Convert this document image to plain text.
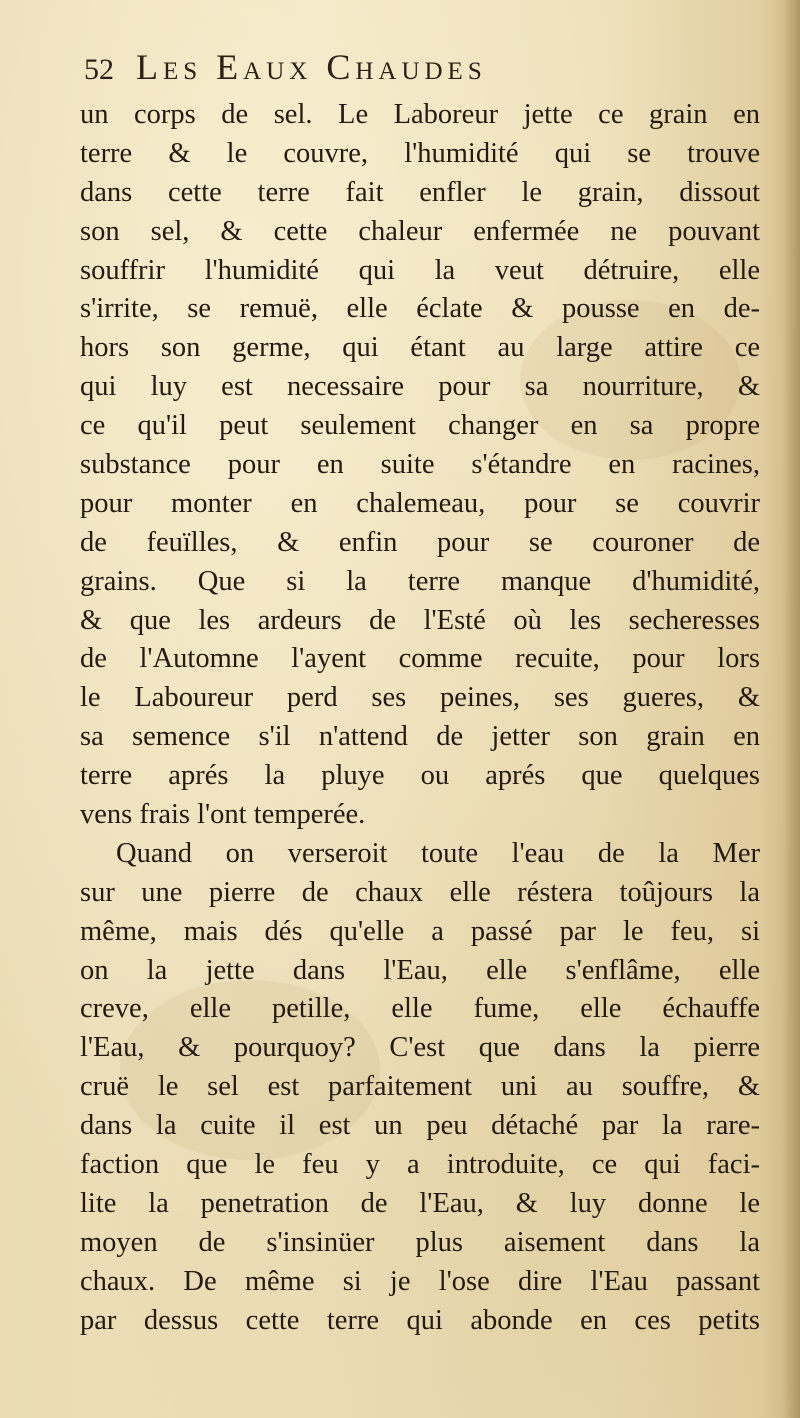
52 Les Eaux Chaudes
un corps de sel. Le Laboreur jette ce grain en
terre & le couvre, l'humidité qui se trouve
dans cette terre fait enfler le grain, dissout
son sel, & cette chaleur enfermée ne pouvant
souffrir l'humidité qui la veut détruire, elle
s'irrite, se remuë, elle éclate & pousse en de-
hors son germe, qui étant au large attire ce
qui luy est necessaire pour sa nourriture, &
ce qu'il peut seulement changer en sa propre
substance pour en suite s'étandre en racines,
pour monter en chalemeau, pour se couvrir
de feuïlles, & enfin pour se couroner de
grains. Que si la terre manque d'humidité,
& que les ardeurs de l'Esté où les secheresses
de l'Automne l'ayent comme recuite, pour lors
le Laboureur perd ses peines, ses gueres, &
sa semence s'il n'attend de jetter son grain en
terre aprés la pluye ou aprés que quelques
vens frais l'ont temperée.
Quand on verseroit toute l'eau de la Mer
sur une pierre de chaux elle réstera toûjours la
même, mais dés qu'elle a passé par le feu, si
on la jette dans l'Eau, elle s'enflâme, elle
creve, elle petille, elle fume, elle échauffe
l'Eau, & pourquoy? C'est que dans la pierre
cruë le sel est parfaitement uni au souffre, &
dans la cuite il est un peu détaché par la rare-
faction que le feu y a introduite, ce qui faci-
lite la penetration de l'Eau, & luy donne le
moyen de s'insinüer plus aisement dans la
chaux. De même si je l'ose dire l'Eau passant
par dessus cette terre qui abonde en ces petits
